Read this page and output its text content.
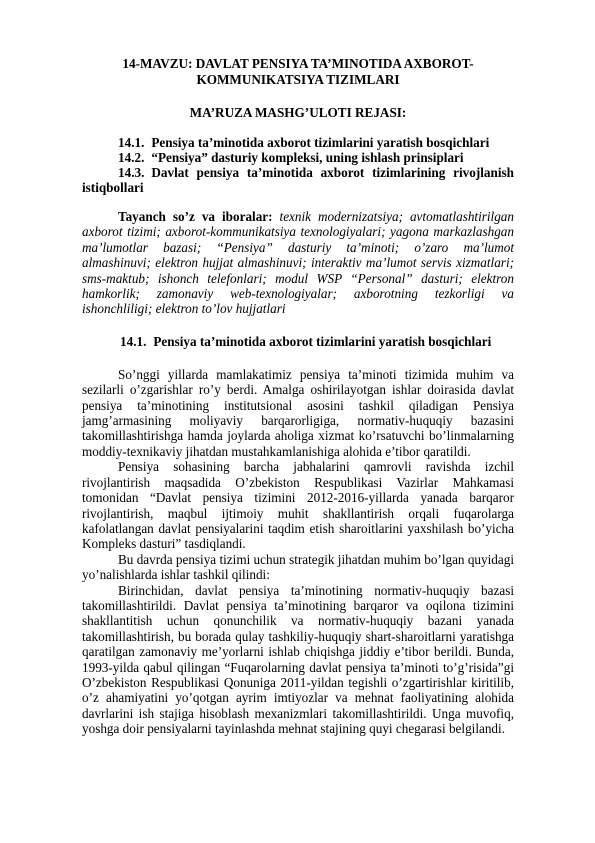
14-MAVZU: DAVLAT PENSIYA TA’MINOTIDA AXBOROT-
KOMMUNIKATSIYA TIZIMLARI

MA’RUZA MASHG’ULOTI REJASI:

14.1. Pensiya ta’minotida axborot tizimlarini yaratish bosqichlari

14.2. “Pensiya” dasturiy kompleksi, uning ishlash prinsiplari

14.3. Davlat pensiya ta’minotida axborot tizimlarining rivojlanish istiqbollari

Tayanch so’z va iboralar: texnik modernizatsiya; avtomatlashtirilgan axborot tizimi; axborot-kommunikatsiya texnologiyalari; yagona markazlashgan ma’lumotlar bazasi; “Pensiya” dasturiy ta’minoti; o’zaro ma’lumot almashinuvi; elektron hujjat almashinuvi; interaktiv ma’lumot servis xizmatlari; sms-maktub; ishonch telefonlari; modul WSP “Personal” dasturi; elektron hamkorlik; zamonaviy web-texnologiyalar; axborotning tezkorligi va ishonchliligi; elektron to’lov hujjatlari

14.1. Pensiya ta’minotida axborot tizimlarini yaratish bosqichlari

So’nggi yillarda mamlakatimiz pensiya ta’minoti tizimida muhim va sezilarli o’zgarishlar ro’y berdi. Amalga oshirilayotgan ishlar doirasida davlat pensiya ta’minotining institutsional asosini tashkil qiladigan Pensiya jamg’armasining moliyaviy barqarorligiga, normativ-huquqiy bazasini takomillashtirishga hamda joylarda aholiga xizmat ko’rsatuvchi bo’linmalarning moddiy-texnikaviy jihatdan mustahkamlanishiga alohida e’tibor qaratildi.

Pensiya sohasining barcha jabhalarini qamrovli ravishda izchil rivojlantirish maqsadida O’zbekiston Respublikasi Vazirlar Mahkamasi tomonidan “Davlat pensiya tizimini 2012-2016-yillarda yanada barqaror rivojlantirish, maqbul ijtimoiy muhit shakllantirish orqali fuqarolarga kafolatlangan davlat pensiyalarini taqdim etish sharoitlarini yaxshilash bo’yicha Kompleks dasturi” tasdiqlandi.

Bu davrda pensiya tizimi uchun strategik jihatdan muhim bo’lgan quyidagi yo’nalishlarda ishlar tashkil qilindi:

Birinchidan, davlat pensiya ta’minotining normativ-huquqiy bazasi takomillashtirildi. Davlat pensiya ta’minotining barqaror va oqilona tizimini shakllantitish uchun qonunchilik va normativ-huquqiy bazani yanada takomillashtirish, bu borada qulay tashkiliy-huquqiy shart-sharoitlarni yaratishga qaratilgan zamonaviy me’yorlarni ishlab chiqishga jiddiy e’tibor berildi. Bunda, 1993-yilda qabul qilingan “Fuqarolarning davlat pensiya ta’minoti to’g’risida”gi O’zbekiston Respublikasi Qonuniga 2011-yildan tegishli o’zgartirishlar kiritilib, o’z ahamiyatini yo’qotgan ayrim imtiyozlar va mehnat faoliyatining alohida davrlarini ish stajiga hisoblash mexanizmlari takomillashtirildi. Unga muvofiq, yoshga doir pensiyalarni tayinlashda mehnat stajining quyi chegarasi belgilandi.
